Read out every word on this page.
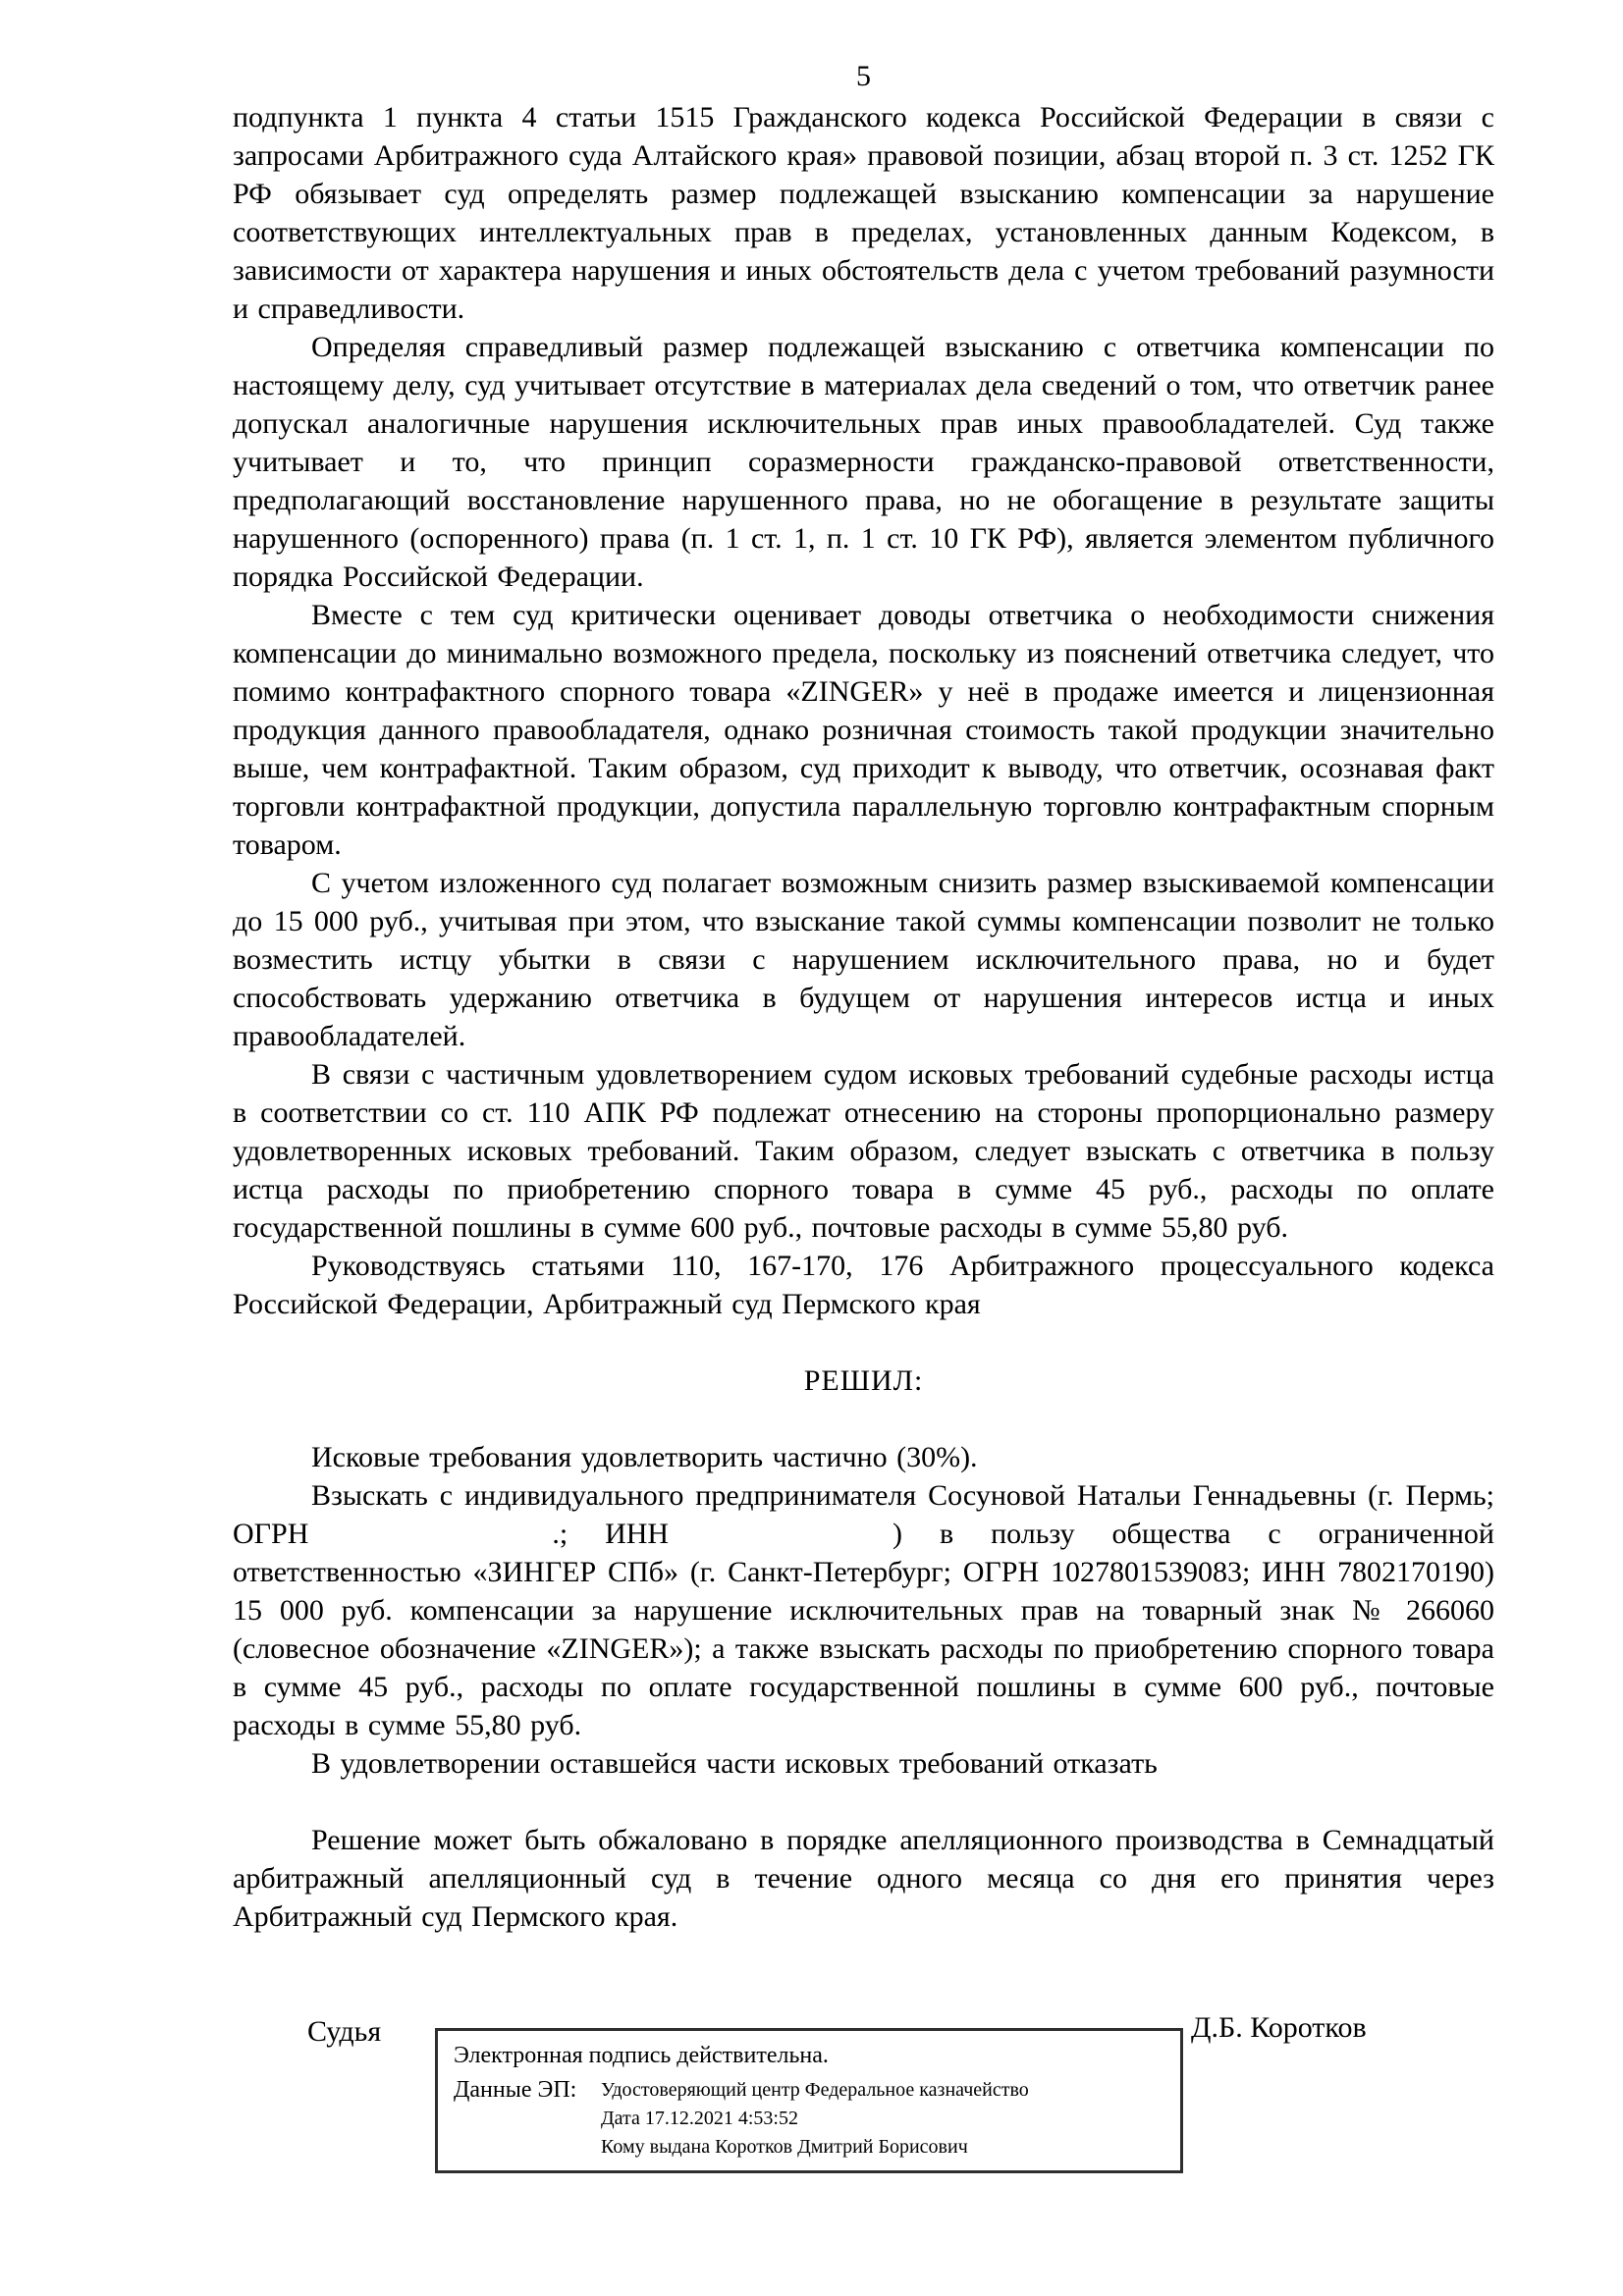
5

подпункта 1 пункта 4 статьи 1515 Гражданского кодекса Российской Федерации в связи с запросами Арбитражного суда Алтайского края» правовой позиции, абзац второй п. 3 ст. 1252 ГК РФ обязывает суд определять размер подлежащей взысканию компенсации за нарушение соответствующих интеллектуальных прав в пределах, установленных данным Кодексом, в зависимости от характера нарушения и иных обстоятельств дела с учетом требований разумности и справедливости.

Определяя справедливый размер подлежащей взысканию с ответчика компенсации по настоящему делу, суд учитывает отсутствие в материалах дела сведений о том, что ответчик ранее допускал аналогичные нарушения исключительных прав иных правообладателей. Суд также учитывает и то, что принцип соразмерности гражданско-правовой ответственности, предполагающий восстановление нарушенного права, но не обогащение в результате защиты нарушенного (оспоренного) права (п. 1 ст. 1, п. 1 ст. 10 ГК РФ), является элементом публичного порядка Российской Федерации.

Вместе с тем суд критически оценивает доводы ответчика о необходимости снижения компенсации до минимально возможного предела, поскольку из пояснений ответчика следует, что помимо контрафактного спорного товара «ZINGER» у неё в продаже имеется и лицензионная продукция данного правообладателя, однако розничная стоимость такой продукции значительно выше, чем контрафактной. Таким образом, суд приходит к выводу, что ответчик, осознавая факт торговли контрафактной продукции, допустила параллельную торговлю контрафактным спорным товаром.

С учетом изложенного суд полагает возможным снизить размер взыскиваемой компенсации до 15 000 руб., учитывая при этом, что взыскание такой суммы компенсации позволит не только возместить истцу убытки в связи с нарушением исключительного права, но и будет способствовать удержанию ответчика в будущем от нарушения интересов истца и иных правообладателей.

В связи с частичным удовлетворением судом исковых требований судебные расходы истца в соответствии со ст. 110 АПК РФ подлежат отнесению на стороны пропорционально размеру удовлетворенных исковых требований. Таким образом, следует взыскать с ответчика в пользу истца расходы по приобретению спорного товара в сумме 45 руб., расходы по оплате государственной пошлины в сумме 600 руб., почтовые расходы в сумме 55,80 руб.

Руководствуясь статьями 110, 167-170, 176 Арбитражного процессуального кодекса Российской Федерации, Арбитражный суд Пермского края

РЕШИЛ:

Исковые требования удовлетворить частично (30%).

Взыскать с индивидуального предпринимателя Сосуновой Натальи Геннадьевны (г. Пермь; ОГРН	.; ИНН	) в пользу общества с ограниченной ответственностью «ЗИНГЕР СПб» (г. Санкт-Петербург; ОГРН 1027801539083; ИНН 7802170190) 15 000 руб. компенсации за нарушение исключительных прав на товарный знак № 266060 (словесное обозначение «ZINGER»); а также взыскать расходы по приобретению спорного товара в сумме 45 руб., расходы по оплате государственной пошлины в сумме 600 руб., почтовые расходы в сумме 55,80 руб.

В удовлетворении оставшейся части исковых требований отказать

Решение может быть обжаловано в порядке апелляционного производства в Семнадцатый арбитражный апелляционный суд в течение одного месяца со дня его принятия через Арбитражный суд Пермского края.

Судья
Электронная подпись действительна.
Данные ЭП:	Удостоверяющий центр Федеральное казначейство
Дата 17.12.2021 4:53:52
Кому выдана Коротков Дмитрий Борисович
Д.Б. Коротков
